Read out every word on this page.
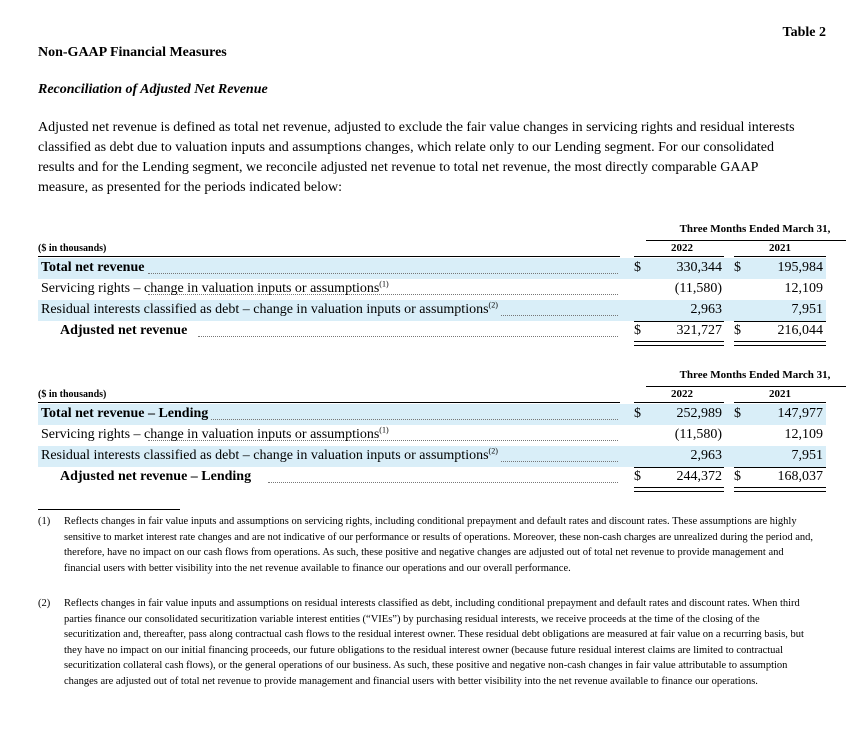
Table 2
Non-GAAP Financial Measures
Reconciliation of Adjusted Net Revenue
Adjusted net revenue is defined as total net revenue, adjusted to exclude the fair value changes in servicing rights and residual interests classified as debt due to valuation inputs and assumptions changes, which relate only to our Lending segment. For our consolidated results and for the Lending segment, we reconcile adjusted net revenue to total net revenue, the most directly comparable GAAP measure, as presented for the periods indicated below:
Three Months Ended March 31,
2022	2021
($ in thousands)
Total net revenue	$	330,344 $	195,984
Servicing rights – change in valuation inputs or assumptions$^{(1)}$	(11,580)	12,109
Residual interests classified as debt – change in valuation inputs or assumptions$^{(2)}$	2,963	7,951
Adjusted net revenue	$	321,727 $	216,044
Three Months Ended March 31,
2022	2021
($ in thousands)
Total net revenue – Lending	$	252,989 $	147,977
Servicing rights – change in valuation inputs or assumptions$^{(1)}$	(11,580)	12,109
Residual interests classified as debt – change in valuation inputs or assumptions$^{(2)}$	2,963	7,951
Adjusted net revenue – Lending	$	244,372 $	168,037
(1) Reflects changes in fair value inputs and assumptions on servicing rights, including conditional prepayment and default rates and discount rates. These assumptions are highly sensitive to market interest rate changes and are not indicative of our performance or results of operations. Moreover, these non-cash charges are unrealized during the period and, therefore, have no impact on our cash flows from operations. As such, these positive and negative changes are adjusted out of total net revenue to provide management and financial users with better visibility into the net revenue available to finance our operations and our overall performance.
(2) Reflects changes in fair value inputs and assumptions on residual interests classified as debt, including conditional prepayment and default rates and discount rates. When third parties finance our consolidated securitization variable interest entities (“VIEs”) by purchasing residual interests, we receive proceeds at the time of the closing of the securitization and, thereafter, pass along contractual cash flows to the residual interest owner. These residual debt obligations are measured at fair value on a recurring basis, but they have no impact on our initial financing proceeds, our future obligations to the residual interest owner (because future residual interest claims are limited to contractual securitization collateral cash flows), or the general operations of our business. As such, these positive and negative non-cash changes in fair value attributable to assumption changes are adjusted out of total net revenue to provide management and financial users with better visibility into the net revenue available to finance our operations.
